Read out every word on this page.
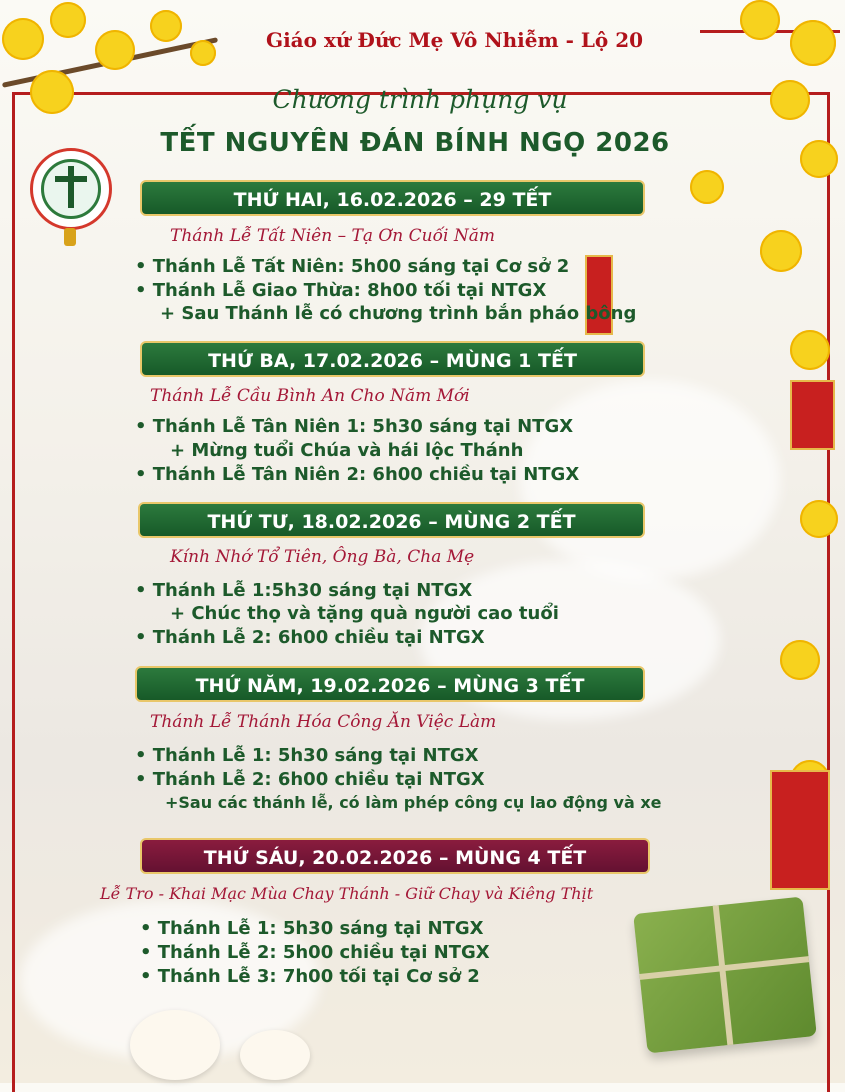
Giáo xứ Đức Mẹ Vô Nhiễm - Lộ 20
Chương trình phụng vụ
TẾT NGUYÊN ĐÁN BÍNH NGỌ 2026
THỨ HAI, 16.02.2026 – 29 TẾT
Thánh Lễ Tất Niên – Tạ Ơn Cuối Năm
• Thánh Lễ Tất Niên: 5h00 sáng tại Cơ sở 2
• Thánh Lễ Giao Thừa: 8h00 tối tại NTGX
+ Sau Thánh lễ có chương trình bắn pháo bông
THỨ BA, 17.02.2026 – MÙNG 1 TẾT
Thánh Lễ Cầu Bình An Cho Năm Mới
• Thánh Lễ Tân Niên 1: 5h30 sáng tại NTGX
+ Mừng tuổi Chúa và hái lộc Thánh
• Thánh Lễ Tân Niên 2: 6h00 chiều tại NTGX
THỨ TƯ, 18.02.2026 – MÙNG 2 TẾT
Kính Nhớ Tổ Tiên, Ông Bà, Cha Mẹ
• Thánh Lễ 1:5h30 sáng tại NTGX
+ Chúc thọ và tặng quà người cao tuổi
• Thánh Lễ 2: 6h00 chiều tại NTGX
THỨ NĂM, 19.02.2026 – MÙNG 3 TẾT
Thánh Lễ Thánh Hóa Công Ăn Việc Làm
• Thánh Lễ 1: 5h30 sáng tại NTGX
• Thánh Lễ 2: 6h00 chiều tại NTGX
+Sau các thánh lễ, có làm phép công cụ lao động và xe
THỨ SÁU, 20.02.2026 – MÙNG 4 TẾT
Lễ Tro - Khai Mạc Mùa Chay Thánh - Giữ Chay và Kiêng Thịt
• Thánh Lễ 1: 5h30 sáng tại NTGX
• Thánh Lễ 2: 5h00 chiều tại NTGX
• Thánh Lễ 3: 7h00 tối tại Cơ sở 2
